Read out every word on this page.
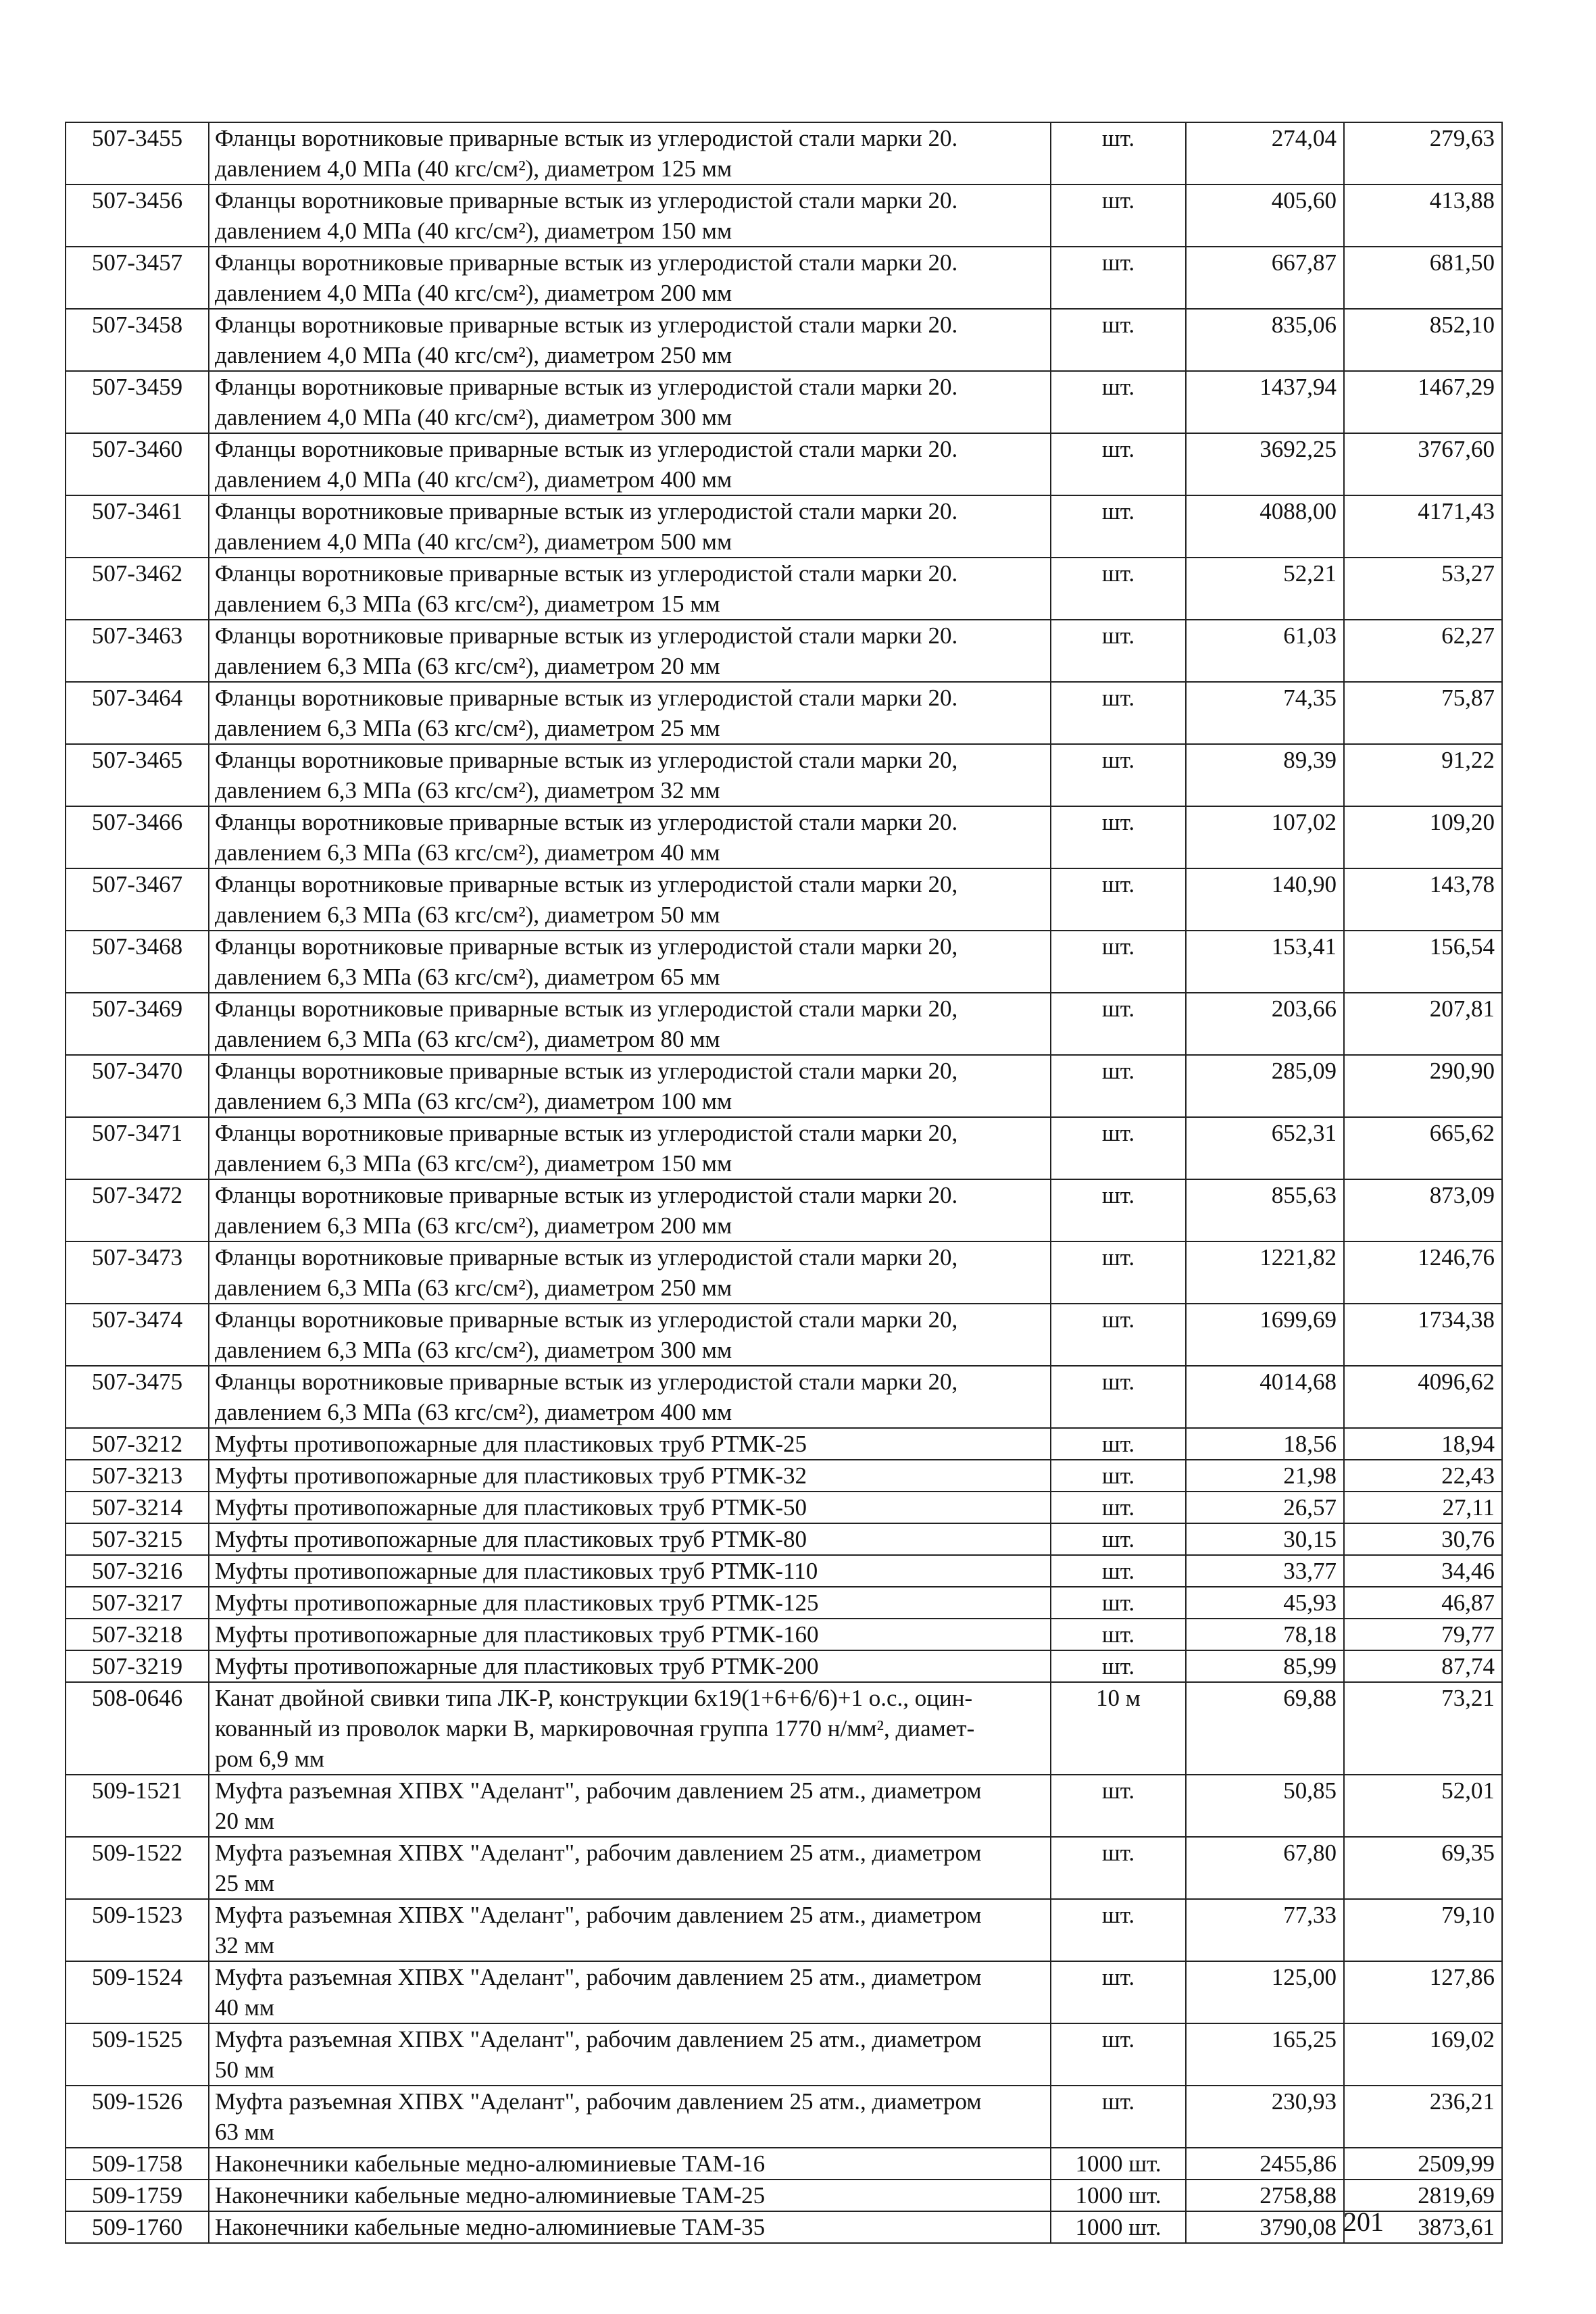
507-3455	Фланцы воротниковые приварные встык из углеродистой стали марки 20.
давлением 4,0 МПа (40 кгс/см²), диаметром 125 мм	шт.	274,04	279,63
507-3456	Фланцы воротниковые приварные встык из углеродистой стали марки 20.
давлением 4,0 МПа (40 кгс/см²), диаметром 150 мм	шт.	405,60	413,88
507-3457	Фланцы воротниковые приварные встык из углеродистой стали марки 20.
давлением 4,0 МПа (40 кгс/см²), диаметром 200 мм	шт.	667,87	681,50
507-3458	Фланцы воротниковые приварные встык из углеродистой стали марки 20.
давлением 4,0 МПа (40 кгс/см²), диаметром 250 мм	шт.	835,06	852,10
507-3459	Фланцы воротниковые приварные встык из углеродистой стали марки 20.
давлением 4,0 МПа (40 кгс/см²), диаметром 300 мм	шт.	1437,94	1467,29
507-3460	Фланцы воротниковые приварные встык из углеродистой стали марки 20.
давлением 4,0 МПа (40 кгс/см²), диаметром 400 мм	шт.	3692,25	3767,60
507-3461	Фланцы воротниковые приварные встык из углеродистой стали марки 20.
давлением 4,0 МПа (40 кгс/см²), диаметром 500 мм	шт.	4088,00	4171,43
507-3462	Фланцы воротниковые приварные встык из углеродистой стали марки 20.
давлением 6,3 МПа (63 кгс/см²), диаметром 15 мм	шт.	52,21	53,27
507-3463	Фланцы воротниковые приварные встык из углеродистой стали марки 20.
давлением 6,3 МПа (63 кгс/см²), диаметром 20 мм	шт.	61,03	62,27
507-3464	Фланцы воротниковые приварные встык из углеродистой стали марки 20.
давлением 6,3 МПа (63 кгс/см²), диаметром 25 мм	шт.	74,35	75,87
507-3465	Фланцы воротниковые приварные встык из углеродистой стали марки 20,
давлением 6,3 МПа (63 кгс/см²), диаметром 32 мм	шт.	89,39	91,22
507-3466	Фланцы воротниковые приварные встык из углеродистой стали марки 20.
давлением 6,3 МПа (63 кгс/см²), диаметром 40 мм	шт.	107,02	109,20
507-3467	Фланцы воротниковые приварные встык из углеродистой стали марки 20,
давлением 6,3 МПа (63 кгс/см²), диаметром 50 мм	шт.	140,90	143,78
507-3468	Фланцы воротниковые приварные встык из углеродистой стали марки 20,
давлением 6,3 МПа (63 кгс/см²), диаметром 65 мм	шт.	153,41	156,54
507-3469	Фланцы воротниковые приварные встык из углеродистой стали марки 20,
давлением 6,3 МПа (63 кгс/см²), диаметром 80 мм	шт.	203,66	207,81
507-3470	Фланцы воротниковые приварные встык из углеродистой стали марки 20,
давлением 6,3 МПа (63 кгс/см²), диаметром 100 мм	шт.	285,09	290,90
507-3471	Фланцы воротниковые приварные встык из углеродистой стали марки 20,
давлением 6,3 МПа (63 кгс/см²), диаметром 150 мм	шт.	652,31	665,62
507-3472	Фланцы воротниковые приварные встык из углеродистой стали марки 20.
давлением 6,3 МПа (63 кгс/см²), диаметром 200 мм	шт.	855,63	873,09
507-3473	Фланцы воротниковые приварные встык из углеродистой стали марки 20,
давлением 6,3 МПа (63 кгс/см²), диаметром 250 мм	шт.	1221,82	1246,76
507-3474	Фланцы воротниковые приварные встык из углеродистой стали марки 20,
давлением 6,3 МПа (63 кгс/см²), диаметром 300 мм	шт.	1699,69	1734,38
507-3475	Фланцы воротниковые приварные встык из углеродистой стали марки 20,
давлением 6,3 МПа (63 кгс/см²), диаметром 400 мм	шт.	4014,68	4096,62
507-3212	Муфты противопожарные для пластиковых труб РТМК-25	шт.	18,56	18,94
507-3213	Муфты противопожарные для пластиковых труб РТМК-32	шт.	21,98	22,43
507-3214	Муфты противопожарные для пластиковых труб РТМК-50	шт.	26,57	27,11
507-3215	Муфты противопожарные для пластиковых труб РТМК-80	шт.	30,15	30,76
507-3216	Муфты противопожарные для пластиковых труб РТМК-110	шт.	33,77	34,46
507-3217	Муфты противопожарные для пластиковых труб РТМК-125	шт.	45,93	46,87
507-3218	Муфты противопожарные для пластиковых труб РТМК-160	шт.	78,18	79,77
507-3219	Муфты противопожарные для пластиковых труб РТМК-200	шт.	85,99	87,74
508-0646	Канат двойной свивки типа ЛК-Р, конструкции 6х19(1+6+6/6)+1 о.с., оцин-
кованный из проволок марки В, маркировочная группа 1770 н/мм², диамет-
ром 6,9 мм	10 м	69,88	73,21
509-1521	Муфта разъемная ХПВХ "Аделант", рабочим давлением 25 атм., диаметром
20 мм	шт.	50,85	52,01
509-1522	Муфта разъемная ХПВХ "Аделант", рабочим давлением 25 атм., диаметром
25 мм	шт.	67,80	69,35
509-1523	Муфта разъемная ХПВХ "Аделант", рабочим давлением 25 атм., диаметром
32 мм	шт.	77,33	79,10
509-1524	Муфта разъемная ХПВХ "Аделант", рабочим давлением 25 атм., диаметром
40 мм	шт.	125,00	127,86
509-1525	Муфта разъемная ХПВХ "Аделант", рабочим давлением 25 атм., диаметром
50 мм	шт.	165,25	169,02
509-1526	Муфта разъемная ХПВХ "Аделант", рабочим давлением 25 атм., диаметром
63 мм	шт.	230,93	236,21
509-1758	Наконечники кабельные медно-алюминиевые ТАМ-16	1000 шт.	2455,86	2509,99
509-1759	Наконечники кабельные медно-алюминиевые ТАМ-25	1000 шт.	2758,88	2819,69
509-1760	Наконечники кабельные медно-алюминиевые ТАМ-35	1000 шт.	3790,08	3873,61
201
